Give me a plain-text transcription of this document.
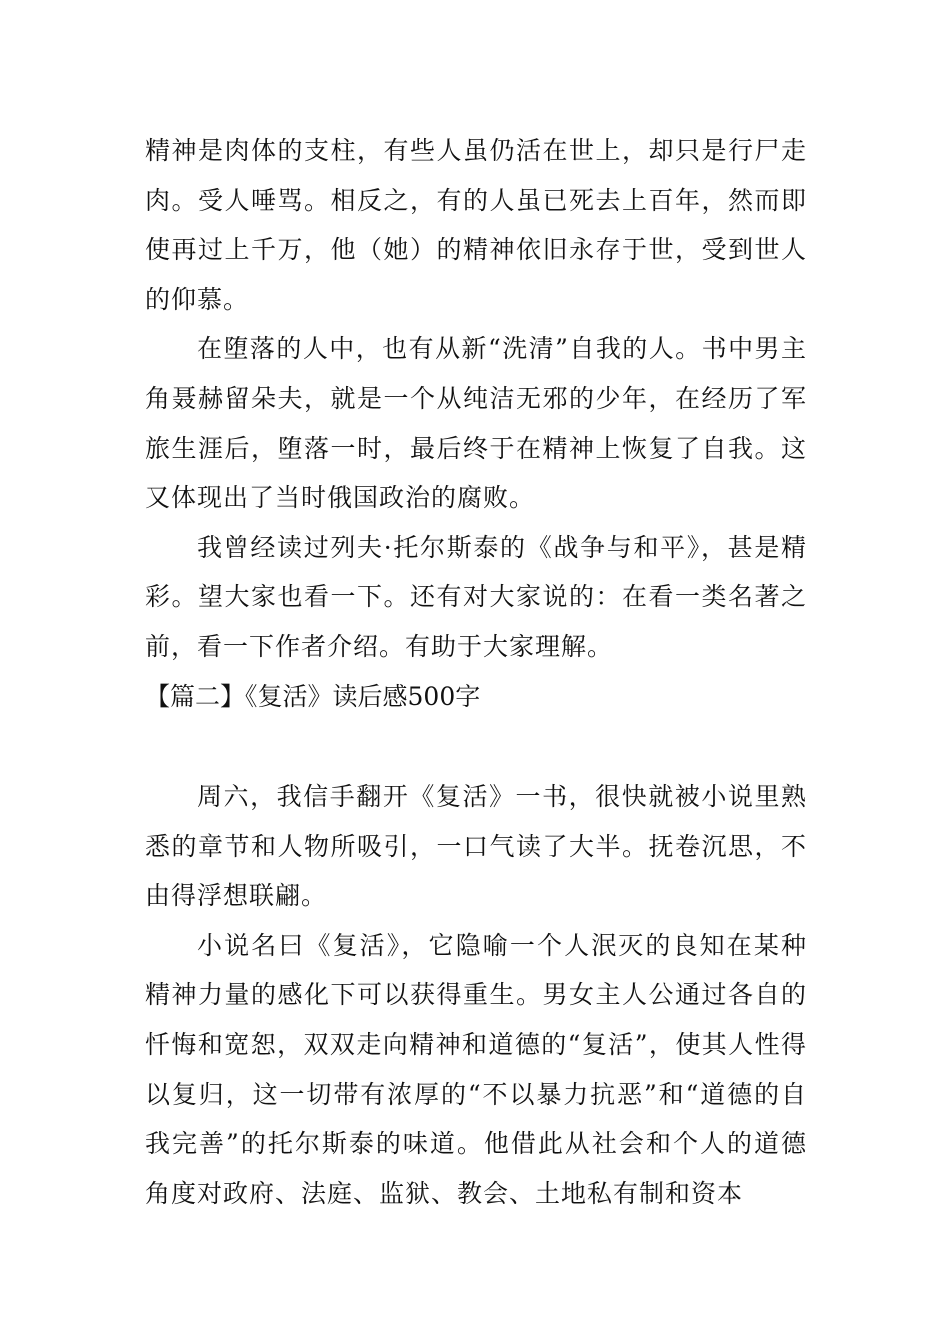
精神是肉体的支柱，有些人虽仍活在世上，却只是行尸走肉。受人唾骂。相反之，有的人虽已死去上百年，然而即使再过上千万，他（她）的精神依旧永存于世，受到世人的仰慕。

在堕落的人中，也有从新“洗清”自我的人。书中男主角聂赫留朵夫，就是一个从纯洁无邪的少年，在经历了军旅生涯后，堕落一时，最后终于在精神上恢复了自我。这又体现出了当时俄国政治的腐败。

我曾经读过列夫·托尔斯泰的《战争与和平》，甚是精彩。望大家也看一下。还有对大家说的：在看一类名著之前，看一下作者介绍。有助于大家理解。

【篇二】《复活》读后感500字

周六，我信手翻开《复活》一书，很快就被小说里熟悉的章节和人物所吸引，一口气读了大半。抚卷沉思，不由得浮想联翩。

小说名曰《复活》，它隐喻一个人泯灭的良知在某种精神力量的感化下可以获得重生。男女主人公通过各自的忏悔和宽恕，双双走向精神和道德的“复活”，使其人性得以复归，这一切带有浓厚的“不以暴力抗恶”和“道德的自我完善”的托尔斯泰的味道。他借此从社会和个人的道德角度对政府、法庭、监狱、教会、土地私有制和资本
